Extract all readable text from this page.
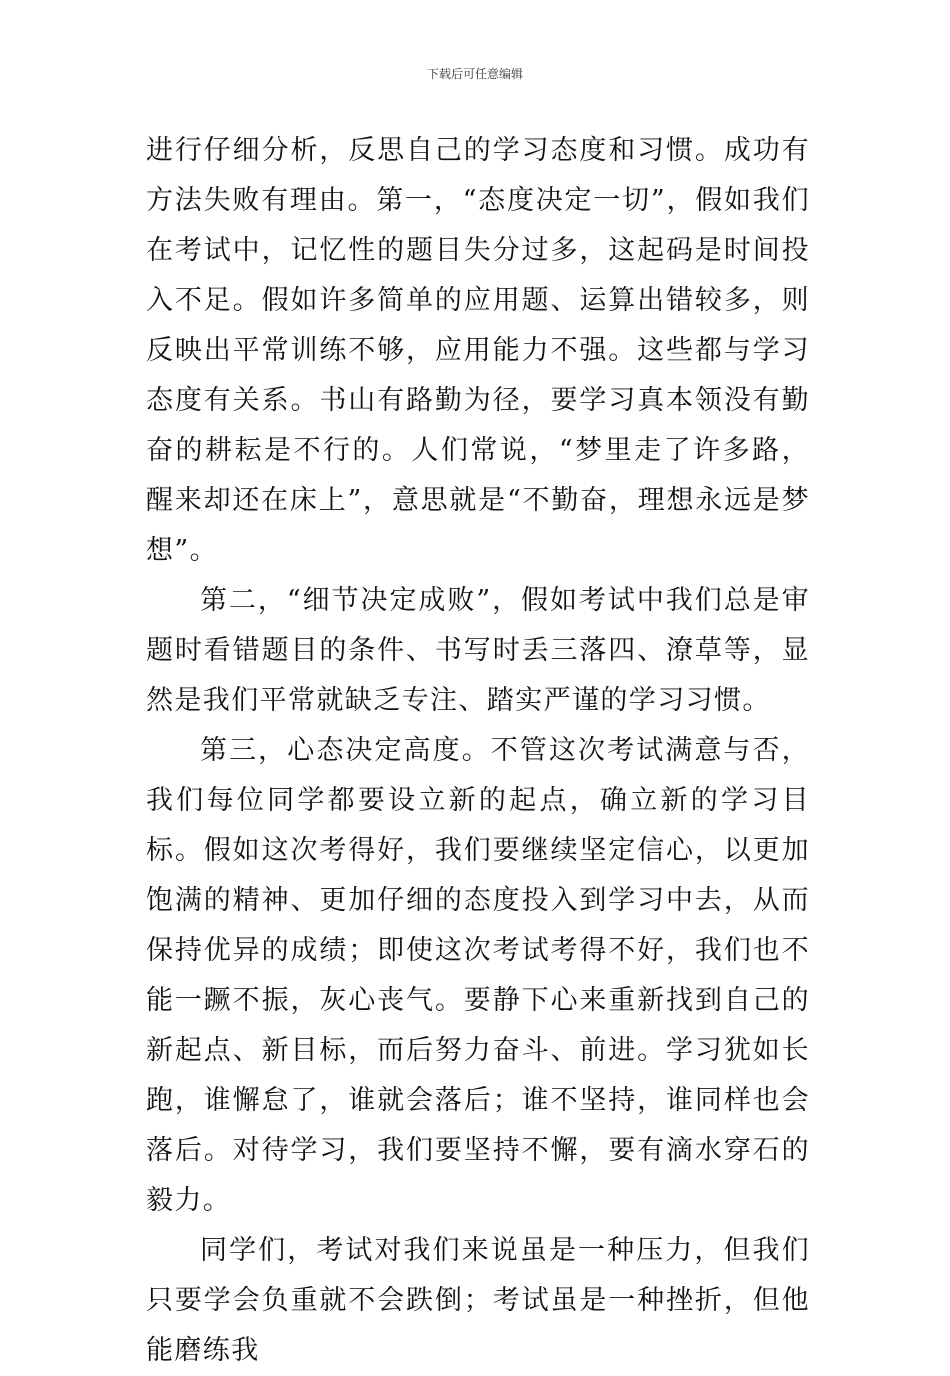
下载后可任意编辑

进行仔细分析，反思自己的学习态度和习惯。成功有方法失败有理由。第一，“态度决定一切”，假如我们在考试中，记忆性的题目失分过多，这起码是时间投入不足。假如许多简单的应用题、运算出错较多，则反映出平常训练不够，应用能力不强。这些都与学习态度有关系。书山有路勤为径，要学习真本领没有勤奋的耕耘是不行的。人们常说，“梦里走了许多路，醒来却还在床上”，意思就是“不勤奋，理想永远是梦想”。

第二，“细节决定成败”，假如考试中我们总是审题时看错题目的条件、书写时丢三落四、潦草等，显然是我们平常就缺乏专注、踏实严谨的学习习惯。

第三，心态决定高度。不管这次考试满意与否，我们每位同学都要设立新的起点，确立新的学习目标。假如这次考得好，我们要继续坚定信心，以更加饱满的精神、更加仔细的态度投入到学习中去，从而保持优异的成绩；即使这次考试考得不好，我们也不能一蹶不振，灰心丧气。要静下心来重新找到自己的新起点、新目标，而后努力奋斗、前进。学习犹如长跑，谁懈怠了，谁就会落后；谁不坚持，谁同样也会落后。对待学习，我们要坚持不懈，要有滴水穿石的毅力。

同学们，考试对我们来说虽是一种压力，但我们只要学会负重就不会跌倒；考试虽是一种挫折，但他能磨练我
